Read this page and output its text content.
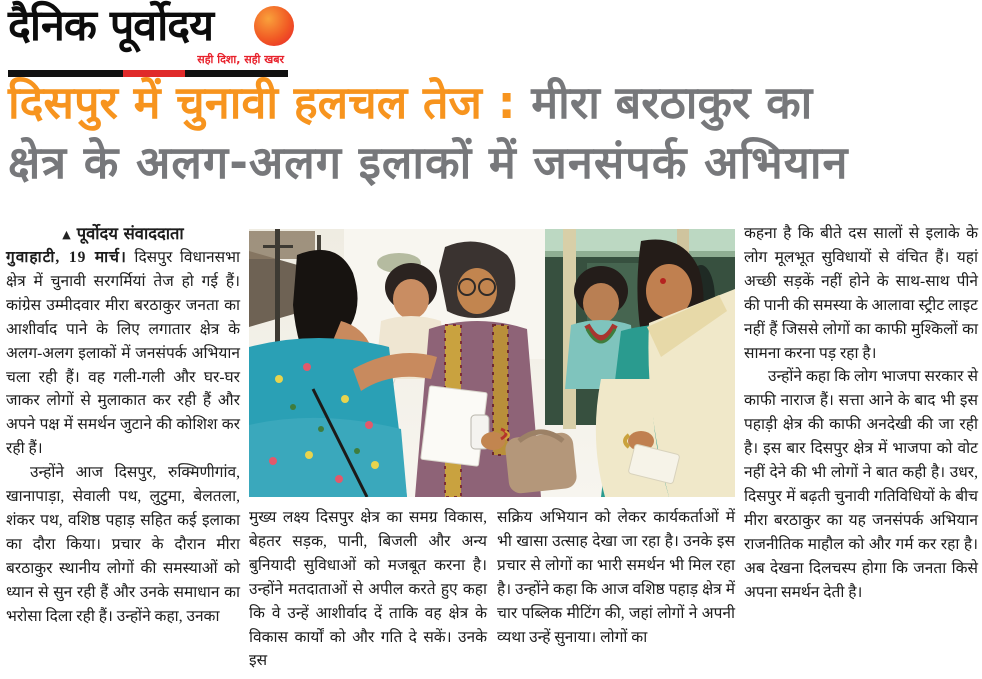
दैनिक पूर्वोदय
सही दिशा, सही खबर
दिसपुर में चुनावी हलचल तेज : मीरा बरठाकुर का
क्षेत्र के अलग-अलग इलाकों में जनसंपर्क अभियान
▲ पूर्वोदय संवाददाता

गुवाहाटी, 19 मार्च। दिसपुर विधानसभा क्षेत्र में चुनावी सरगर्मियां तेज हो गई हैं। कांग्रेस उम्मीदवार मीरा बरठाकुर जनता का आशीर्वाद पाने के लिए लगातार क्षेत्र के अलग-अलग इलाकों में जनसंपर्क अभियान चला रही हैं। वह गली-गली और घर-घर जाकर लोगों से मुलाकात कर रही हैं और अपने पक्ष में समर्थन जुटाने की कोशिश कर रही हैं।

उन्होंने आज दिसपुर, रुक्मिणीगांव, खानापाड़ा, सेवाली पथ, लुटुमा, बेलतला, शंकर पथ, वशिष्ठ पहाड़ सहित कई इलाका का दौरा किया। प्रचार के दौरान मीरा बरठाकुर स्थानीय लोगों की समस्याओं को ध्यान से सुन रही हैं और उनके समाधान का भरोसा दिला रही हैं। उन्होंने कहा, उनका

मुख्य लक्ष्य दिसपुर क्षेत्र का समग्र विकास, बेहतर सड़क, पानी, बिजली और अन्य बुनियादी सुविधाओं को मजबूत करना है। उन्होंने मतदाताओं से अपील करते हुए कहा कि वे उन्हें आशीर्वाद दें ताकि वह क्षेत्र के विकास कार्यों को और गति दे सकें। उनके इस

सक्रिय अभियान को लेकर कार्यकर्ताओं में भी खासा उत्साह देखा जा रहा है। उनके इस प्रचार से लोगों का भारी समर्थन भी मिल रहा है। उन्होंने कहा कि आज वशिष्ठ पहाड़ क्षेत्र में चार पब्लिक मीटिंग की, जहां लोगों ने अपनी व्यथा उन्हें सुनाया। लोगों का

कहना है कि बीते दस सालों से इलाके के लोग मूलभूत सुविधायों से वंचित हैं। यहां अच्छी सड़कें नहीं होने के साथ-साथ पीने की पानी की समस्या के आलावा स्ट्रीट लाइट नहीं हैं जिससे लोगों का काफी मुश्किलों का सामना करना पड़ रहा है।

उन्होंने कहा कि लोग भाजपा सरकार से काफी नाराज हैं। सत्ता आने के बाद भी इस पहाड़ी क्षेत्र की काफी अनदेखी की जा रही है। इस बार दिसपुर क्षेत्र में भाजपा को वोट नहीं देने की भी लोगों ने बात कही है। उधर, दिसपुर में बढ़ती चुनावी गतिविधियों के बीच मीरा बरठाकुर का यह जनसंपर्क अभियान राजनीतिक माहौल को और गर्म कर रहा है। अब देखना दिलचस्प होगा कि जनता किसे अपना समर्थन देती है।
